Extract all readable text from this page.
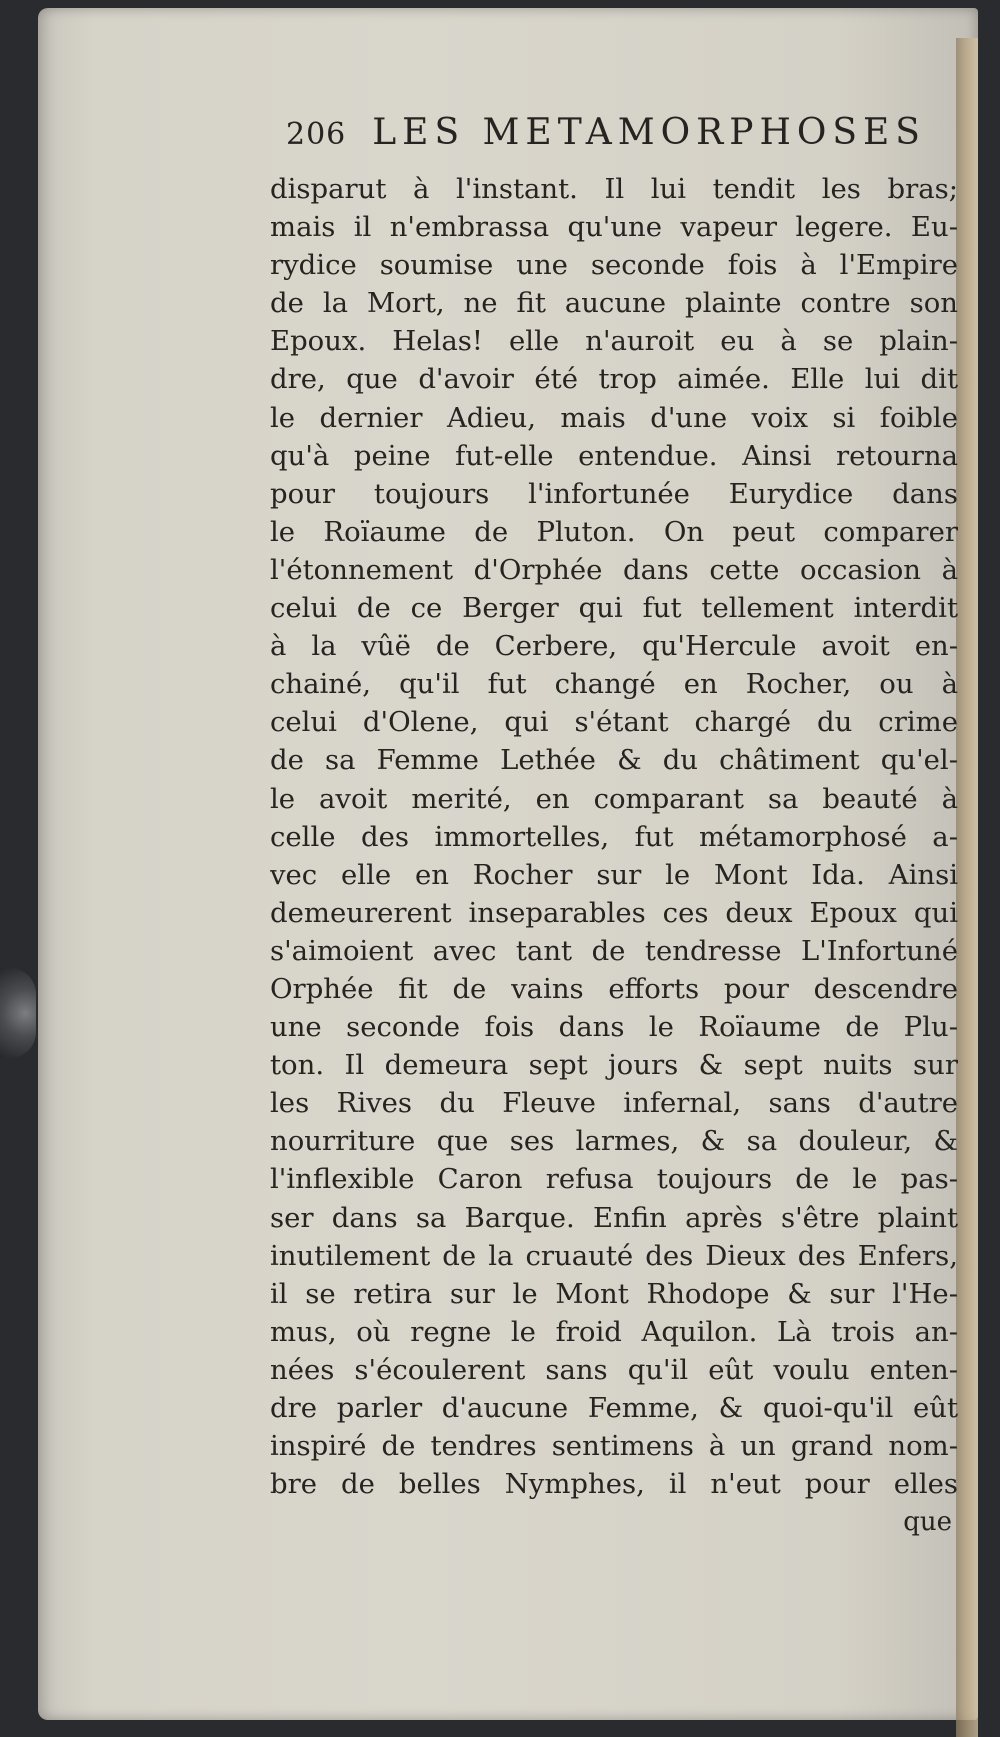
206 LES METAMORPHOSES
disparut à l'instant. Il lui tendit les bras;
mais il n'embrassa qu'une vapeur legere. Eu-
rydice soumise une seconde fois à l'Empire
de la Mort, ne fit aucune plainte contre son
Epoux. Helas! elle n'auroit eu à se plain-
dre, que d'avoir été trop aimée. Elle lui dit
le dernier Adieu, mais d'une voix si foible
qu'à peine fut-elle entendue. Ainsi retourna
pour toujours l'infortunée Eurydice dans
le Roïaume de Pluton. On peut comparer
l'étonnement d'Orphée dans cette occasion à
celui de ce Berger qui fut tellement interdit
à la vûë de Cerbere, qu'Hercule avoit en-
chainé, qu'il fut changé en Rocher, ou à
celui d'Olene, qui s'étant chargé du crime
de sa Femme Lethée & du châtiment qu'el-
le avoit merité, en comparant sa beauté à
celle des immortelles, fut métamorphosé a-
vec elle en Rocher sur le Mont Ida. Ainsi
demeurerent inseparables ces deux Epoux qui
s'aimoient avec tant de tendresse L'Infortuné
Orphée fit de vains efforts pour descendre
une seconde fois dans le Roïaume de Plu-
ton. Il demeura sept jours & sept nuits sur
les Rives du Fleuve infernal, sans d'autre
nourriture que ses larmes, & sa douleur, &
l'inflexible Caron refusa toujours de le pas-
ser dans sa Barque. Enfin après s'être plaint
inutilement de la cruauté des Dieux des Enfers,
il se retira sur le Mont Rhodope & sur l'He-
mus, où regne le froid Aquilon. Là trois an-
nées s'écoulerent sans qu'il eût voulu enten-
dre parler d'aucune Femme, & quoi-qu'il eût
inspiré de tendres sentimens à un grand nom-
bre de belles Nymphes, il n'eut pour elles
que
